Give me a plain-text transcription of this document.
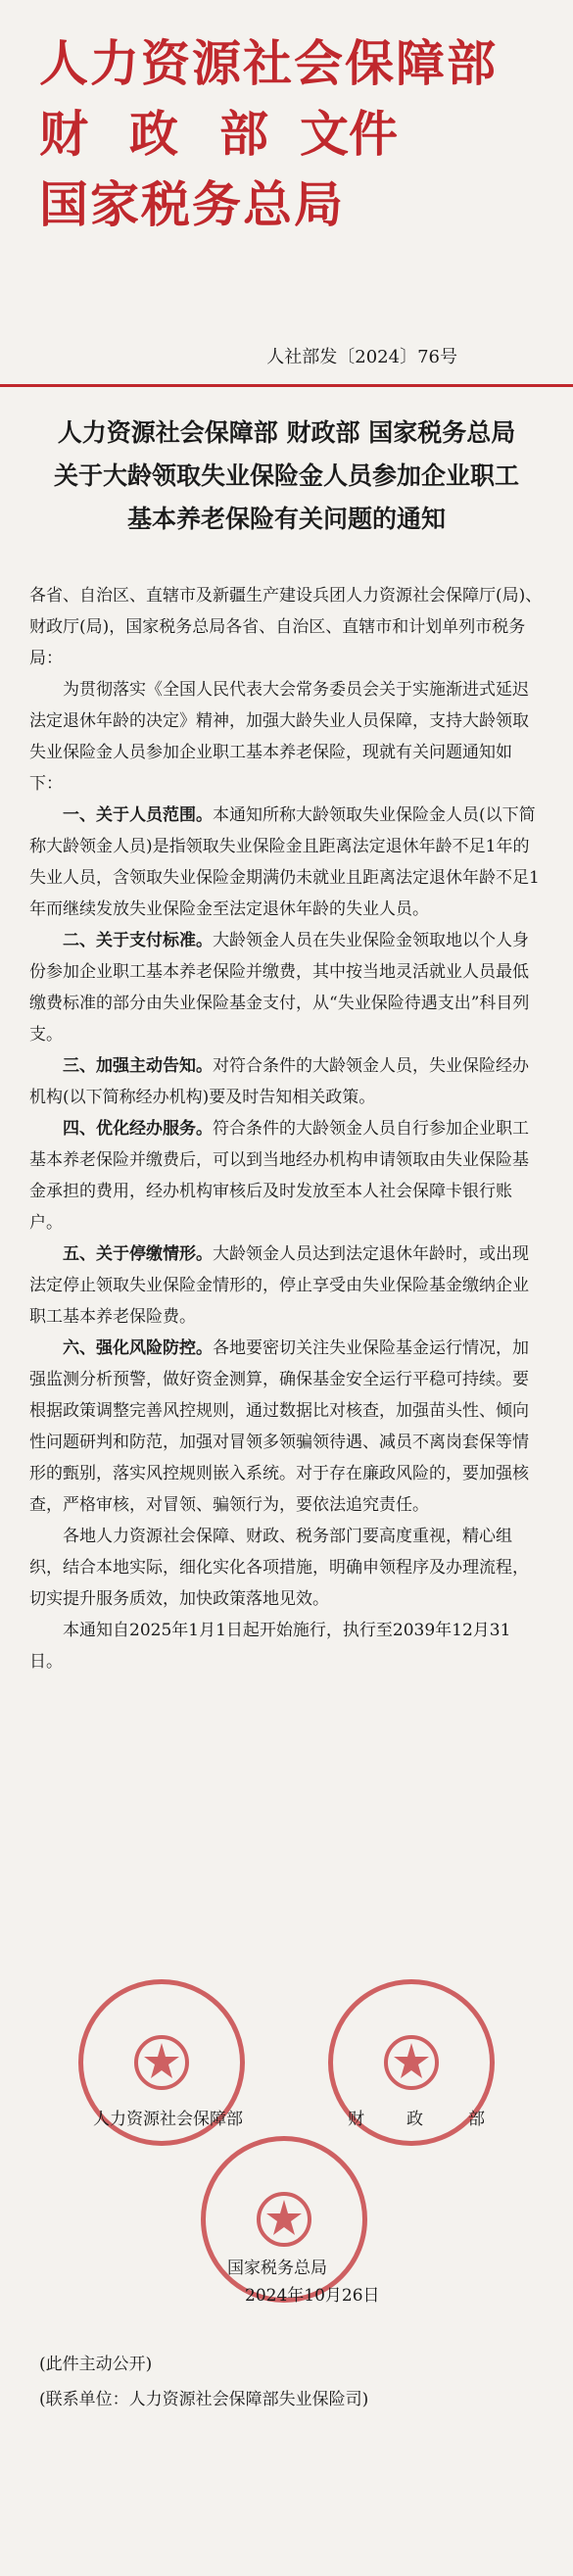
人力资源社会保障部
财 政 部 文件
国家税务总局
人社部发〔2024〕76号
人力资源社会保障部 财政部 国家税务总局
关于大龄领取失业保险金人员参加企业职工
基本养老保险有关问题的通知

各省、自治区、直辖市及新疆生产建设兵团人力资源社会保障厅(局)、财政厅(局)，国家税务总局各省、自治区、直辖市和计划单列市税务局：

为贯彻落实《全国人民代表大会常务委员会关于实施渐进式延迟法定退休年龄的决定》精神，加强大龄失业人员保障，支持大龄领取失业保险金人员参加企业职工基本养老保险，现就有关问题通知如下：

一、关于人员范围。本通知所称大龄领取失业保险金人员(以下简称大龄领金人员)是指领取失业保险金且距离法定退休年龄不足1年的失业人员，含领取失业保险金期满仍未就业且距离法定退休年龄不足1年而继续发放失业保险金至法定退休年龄的失业人员。

二、关于支付标准。大龄领金人员在失业保险金领取地以个人身份参加企业职工基本养老保险并缴费，其中按当地灵活就业人员最低缴费标准的部分由失业保险基金支付，从“失业保险待遇支出”科目列支。

三、加强主动告知。对符合条件的大龄领金人员，失业保险经办机构(以下简称经办机构)要及时告知相关政策。

四、优化经办服务。符合条件的大龄领金人员自行参加企业职工基本养老保险并缴费后，可以到当地经办机构申请领取由失业保险基金承担的费用，经办机构审核后及时发放至本人社会保障卡银行账户。

五、关于停缴情形。大龄领金人员达到法定退休年龄时，或出现法定停止领取失业保险金情形的，停止享受由失业保险基金缴纳企业职工基本养老保险费。

六、强化风险防控。各地要密切关注失业保险基金运行情况，加强监测分析预警，做好资金测算，确保基金安全运行平稳可持续。要根据政策调整完善风控规则，通过数据比对核查，加强苗头性、倾向性问题研判和防范，加强对冒领多领骗领待遇、减员不离岗套保等情形的甄别，落实风控规则嵌入系统。对于存在廉政风险的，要加强核查，严格审核，对冒领、骗领行为，要依法追究责任。

各地人力资源社会保障、财政、税务部门要高度重视，精心组织，结合本地实际，细化实化各项措施，明确申领程序及办理流程，切实提升服务质效，加快政策落地见效。

本通知自2025年1月1日起开始施行，执行至2039年12月31日。

人力资源社会保障部	财	政	部
国家税务总局
2024年10月26日
(此件主动公开)
(联系单位：人力资源社会保障部失业保险司)
